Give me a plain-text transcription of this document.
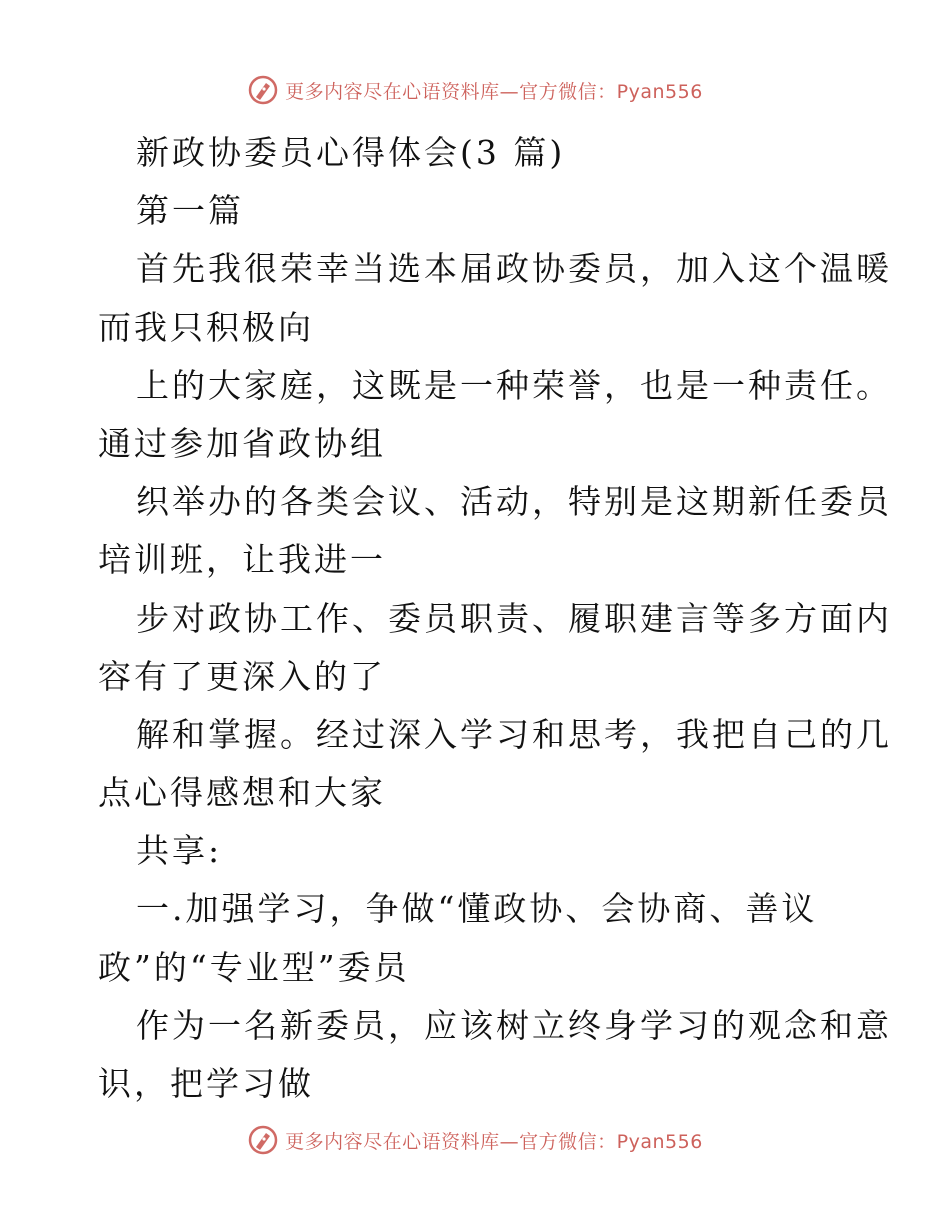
更多内容尽在心语资料库—官方微信：Pyan556
新政协委员心得体会(3 篇)
第一篇
首先我很荣幸当选本届政协委员，加入这个温暖
而我只积极向
上的大家庭，这既是一种荣誉，也是一种责任。
通过参加省政协组
织举办的各类会议、活动，特别是这期新任委员
培训班，让我进一
步对政协工作、委员职责、履职建言等多方面内
容有了更深入的了
解和掌握。经过深入学习和思考，我把自己的几
点心得感想和大家
共享:
一.加强学习，争做“懂政协、会协商、善议
政”的“专业型”委员
作为一名新委员，应该树立终身学习的观念和意
识，把学习做
更多内容尽在心语资料库—官方微信：Pyan556
